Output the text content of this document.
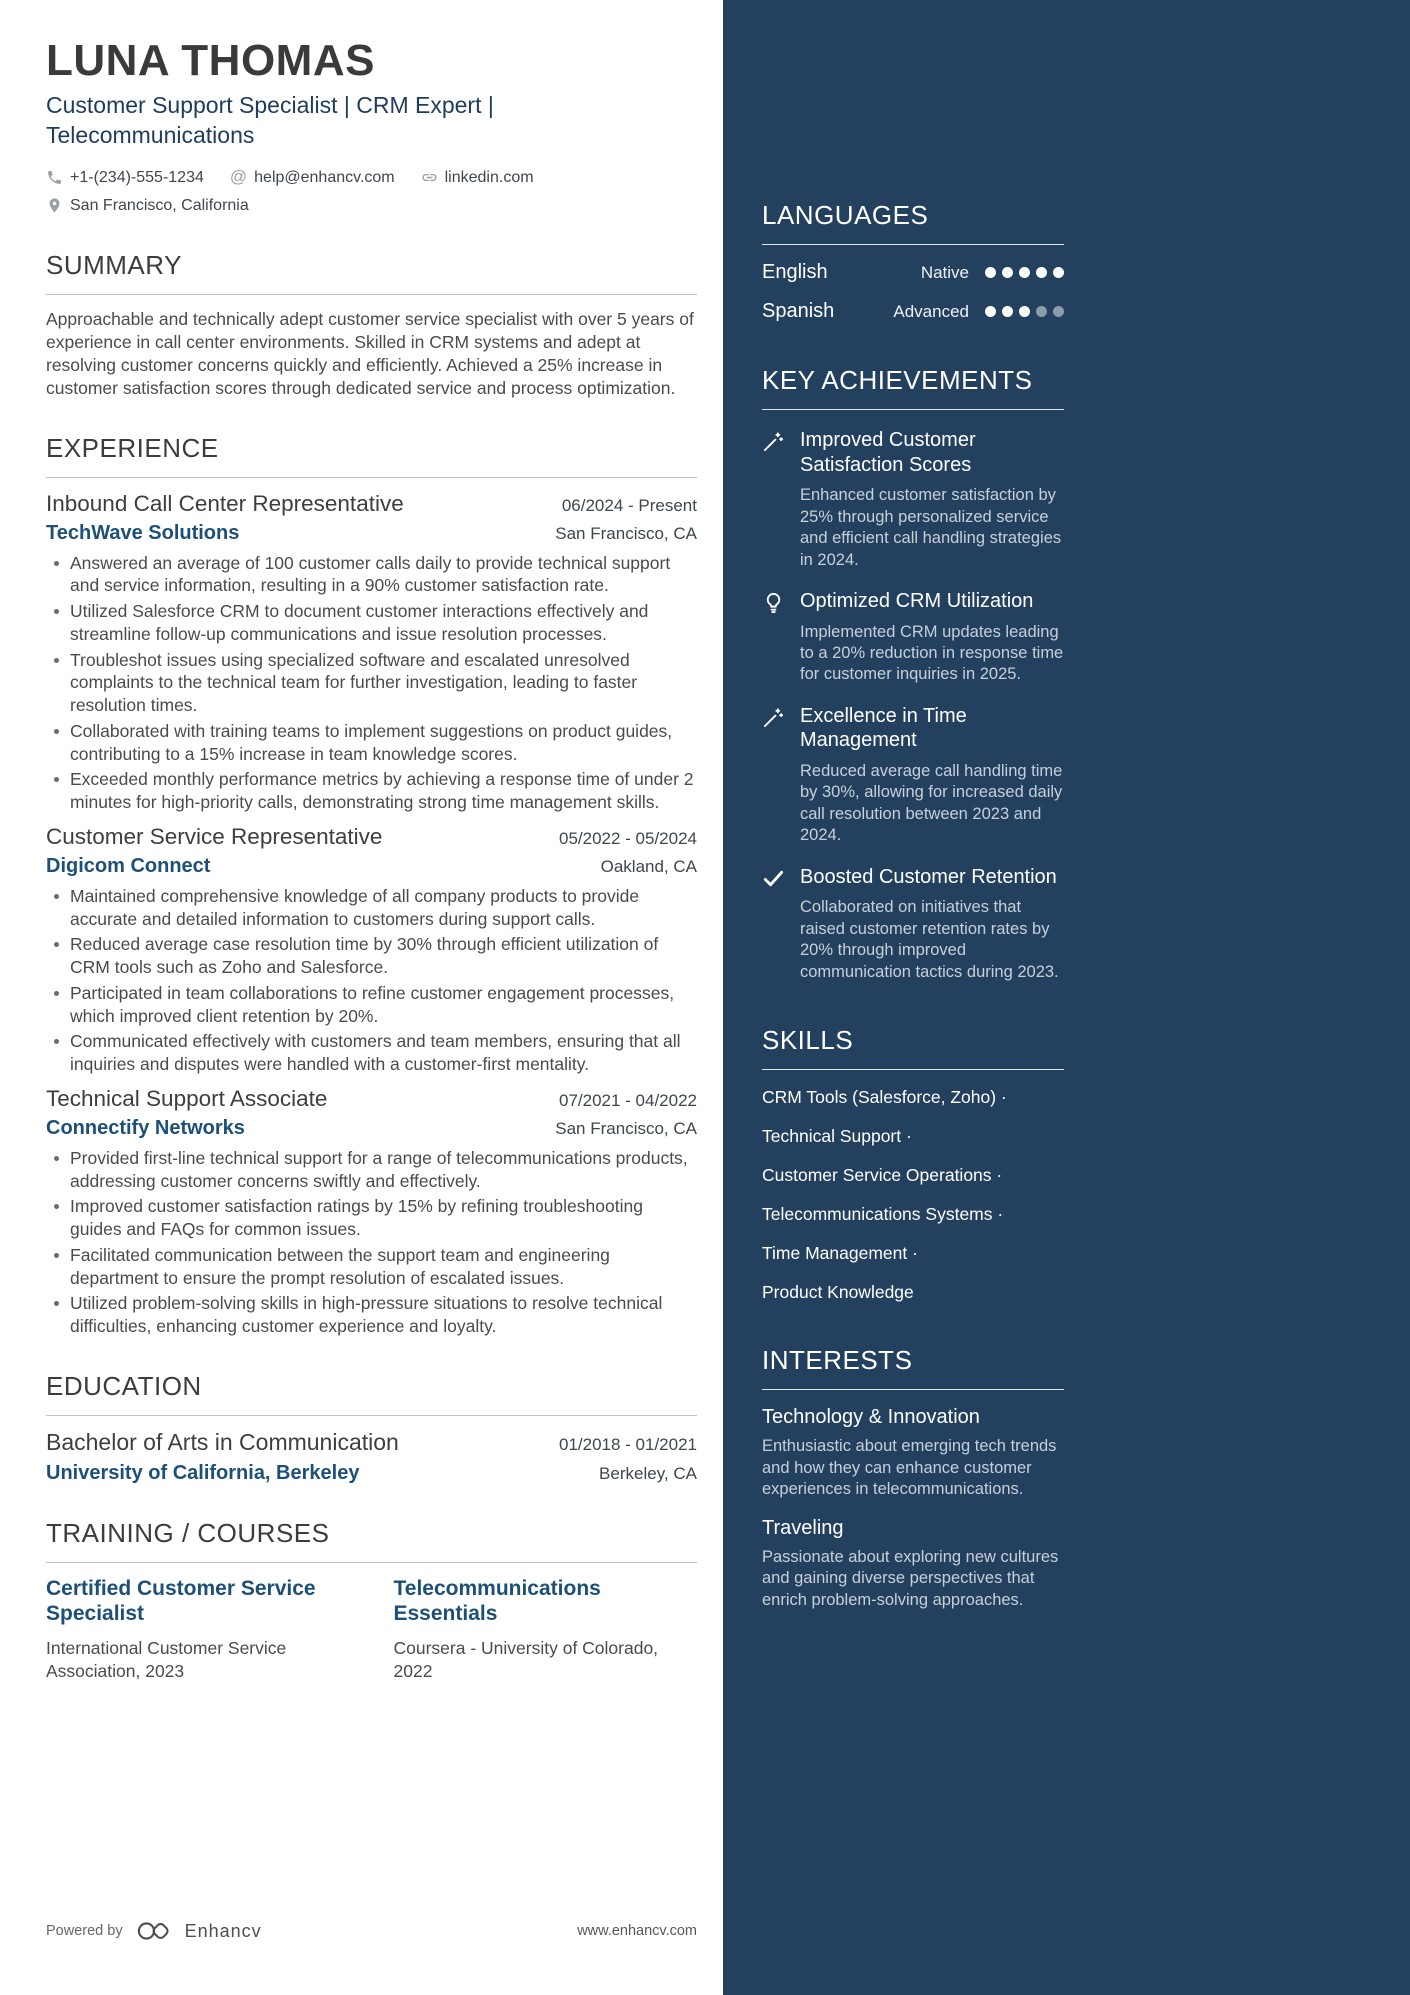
LUNA THOMAS
Customer Support Specialist | CRM Expert | Telecommunications
+1-(234)-555-1234 @ help@enhancv.com	linkedin.com
San Francisco, California
SUMMARY

Approachable and technically adept customer service specialist with over 5 years of experience in call center environments. Skilled in CRM systems and adept at resolving customer concerns quickly and efficiently. Achieved a 25% increase in customer satisfaction scores through dedicated service and process optimization.

EXPERIENCE
Inbound Call Center Representative	06/2024 - Present
TechWave Solutions	San Francisco, CA
Answered an average of 100 customer calls daily to provide technical support and service information, resulting in a 90% customer satisfaction rate.
Utilized Salesforce CRM to document customer interactions effectively and streamline follow-up communications and issue resolution processes.
Troubleshot issues using specialized software and escalated unresolved complaints to the technical team for further investigation, leading to faster resolution times.
Collaborated with training teams to implement suggestions on product guides, contributing to a 15% increase in team knowledge scores.
Exceeded monthly performance metrics by achieving a response time of under 2 minutes for high-priority calls, demonstrating strong time management skills.
Customer Service Representative	05/2022 - 05/2024
Digicom Connect	Oakland, CA
Maintained comprehensive knowledge of all company products to provide accurate and detailed information to customers during support calls.
Reduced average case resolution time by 30% through efficient utilization of CRM tools such as Zoho and Salesforce.
Participated in team collaborations to refine customer engagement processes, which improved client retention by 20%.
Communicated effectively with customers and team members, ensuring that all inquiries and disputes were handled with a customer-first mentality.
Technical Support Associate	07/2021 - 04/2022
Connectify Networks	San Francisco, CA
Provided first-line technical support for a range of telecommunications products, addressing customer concerns swiftly and effectively.
Improved customer satisfaction ratings by 15% by refining troubleshooting guides and FAQs for common issues.
Facilitated communication between the support team and engineering department to ensure the prompt resolution of escalated issues.
Utilized problem-solving skills in high-pressure situations to resolve technical difficulties, enhancing customer experience and loyalty.
EDUCATION
Bachelor of Arts in Communication	01/2018 - 01/2021
University of California, Berkeley	Berkeley, CA
TRAINING / COURSES
Certified Customer Service Specialist
International Customer Service Association, 2023
Telecommunications Essentials
Coursera - University of Colorado, 2022
Powered by	Enhancv	www.enhancv.com
LANGUAGES
English	Native
Spanish	Advanced
KEY ACHIEVEMENTS
Improved Customer Satisfaction Scores
Enhanced customer satisfaction by 25% through personalized service and efficient call handling strategies in 2024.
Optimized CRM Utilization
Implemented CRM updates leading to a 20% reduction in response time for customer inquiries in 2025.
Excellence in Time Management
Reduced average call handling time by 30%, allowing for increased daily call resolution between 2023 and 2024.
Boosted Customer Retention
Collaborated on initiatives that raised customer retention rates by 20% through improved communication tactics during 2023.
SKILLS
CRM Tools (Salesforce, Zoho) ·
Technical Support ·
Customer Service Operations ·
Telecommunications Systems ·
Time Management ·
Product Knowledge
INTERESTS
Technology & Innovation
Enthusiastic about emerging tech trends and how they can enhance customer experiences in telecommunications.
Traveling
Passionate about exploring new cultures and gaining diverse perspectives that enrich problem-solving approaches.
